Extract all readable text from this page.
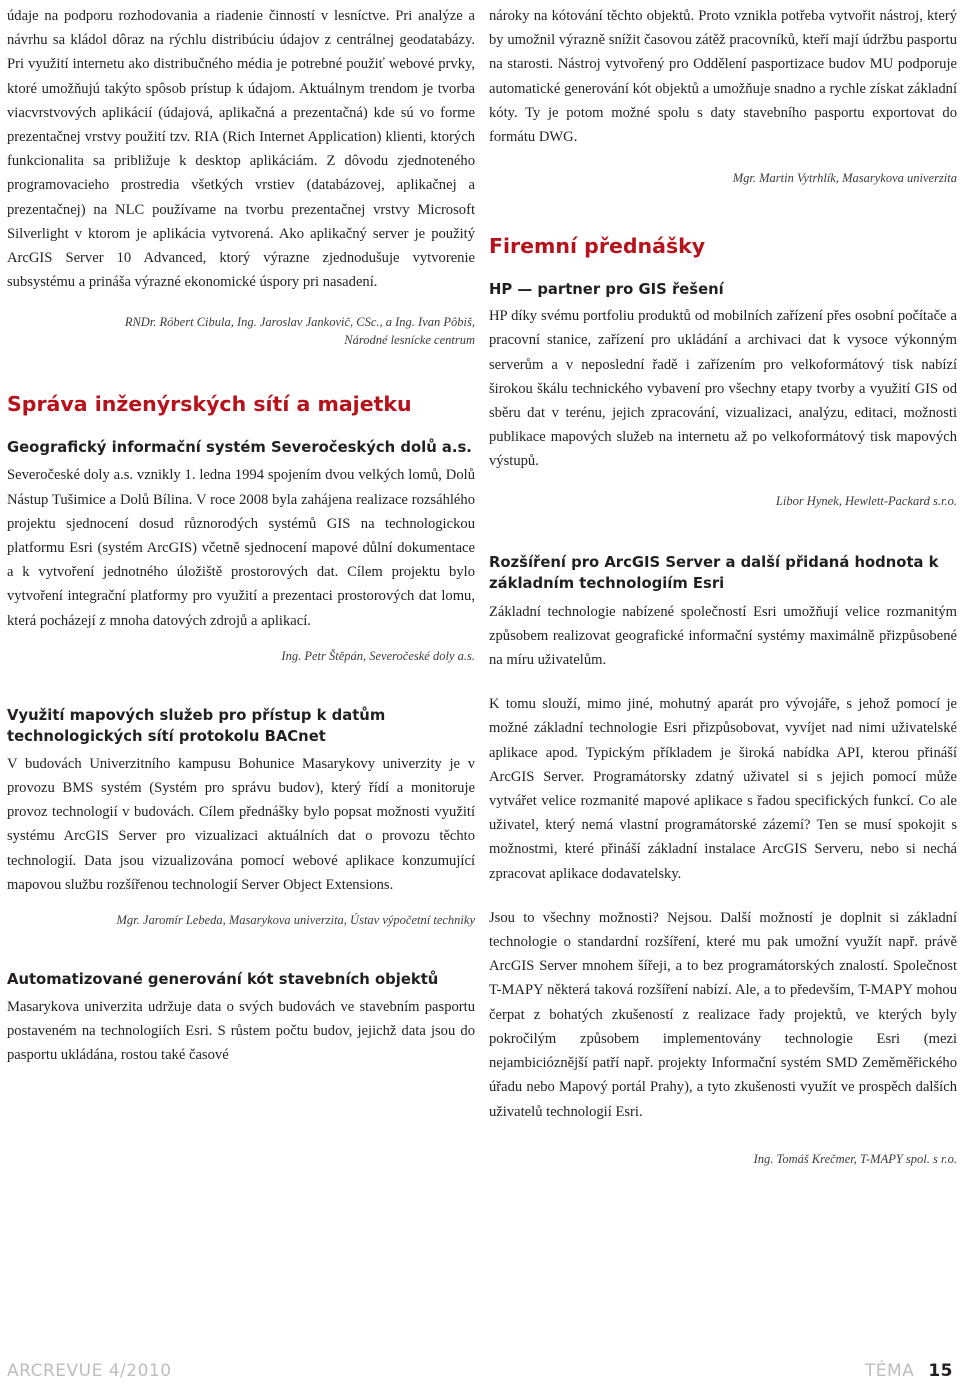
údaje na podporu rozhodovania a riadenie činností v lesníctve. Pri analýze a návrhu sa kládol dôraz na rýchlu distribúciu údajov z centrálnej geodatabázy. Pri využití internetu ako distribučného média je potrebné použiť webové prvky, ktoré umožňujú takýto spôsob prístup k údajom. Aktuálnym trendom je tvorba viacvrstvových aplikácií (údajová, aplikačná a prezentačná) kde sú vo forme prezentačnej vrstvy použití tzv. RIA (Rich Internet Application) klienti, ktorých funkcionalita sa približuje k desktop aplikáciám. Z dôvodu zjednoteného programovacieho prostredia všetkých vrstiev (databázovej, aplikačnej a prezentačnej) na NLC používame na tvorbu prezentačnej vrstvy Microsoft Silverlight v ktorom je aplikácia vytvorená. Ako aplikačný server je použitý ArcGIS Server 10 Advanced, ktorý výrazne zjednodušuje vytvorenie subsystému a prináša výrazné ekonomické úspory pri nasadení.

RNDr. Róbert Cibula, Ing. Jaroslav Jankovič, CSc., a Ing. Ivan Pôbiš,

Národné lesnícke centrum

Správa inženýrských sítí a majetku
Geografický informační systém Severočeských dolů a.s.

Severočeské doly a.s. vznikly 1. ledna 1994 spojením dvou velkých lomů, Dolů Nástup Tušimice a Dolů Bílina. V roce 2008 byla zahájena realizace rozsáhlého projektu sjednocení dosud různorodých systémů GIS na technologickou platformu Esri (systém ArcGIS) včetně sjednocení mapové důlní dokumentace a k vytvoření jednotného úložiště prostorových dat. Cílem projektu bylo vytvoření integrační platformy pro využití a prezentaci prostorových dat lomu, která pocházejí z mnoha datových zdrojů a aplikací.

Ing. Petr Štěpán, Severočeské doly a.s.

Využití mapových služeb pro přístup k datům technologických sítí protokolu BACnet

V budovách Univerzitního kampusu Bohunice Masarykovy univerzity je v provozu BMS systém (Systém pro správu budov), který řídí a monitoruje provoz technologií v budovách. Cílem přednášky bylo popsat možnosti využití systému ArcGIS Server pro vizualizaci aktuálních dat o provozu těchto technologií. Data jsou vizualizována pomocí webové aplikace konzumující mapovou službu rozšířenou technologií Server Object Extensions.

Mgr. Jaromír Lebeda, Masarykova univerzita, Ústav výpočetní techniky

Automatizované generování kót stavebních objektů

Masarykova univerzita udržuje data o svých budovách ve stavebním pasportu postaveném na technologiích Esri. S růstem počtu budov, jejichž data jsou do pasportu ukládána, rostou také časové

nároky na kótování těchto objektů. Proto vznikla potřeba vytvořit nástroj, který by umožnil výrazně snížit časovou zátěž pracovníků, kteří mají údržbu pasportu na starosti. Nástroj vytvořený pro Oddělení pasportizace budov MU podporuje automatické generování kót objektů a umožňuje snadno a rychle získat základní kóty. Ty je potom možné spolu s daty stavebního pasportu exportovat do formátu DWG.

Mgr. Martin Vytrhlík, Masarykova univerzita

Firemní přednášky
HP — partner pro GIS řešení

HP díky svému portfoliu produktů od mobilních zařízení přes osobní počítače a pracovní stanice, zařízení pro ukládání a archivaci dat k vysoce výkonným serverům a v neposlední řadě i zařízením pro velkoformátový tisk nabízí širokou škálu technického vybavení pro všechny etapy tvorby a využití GIS od sběru dat v terénu, jejich zpracování, vizualizaci, analýzu, editaci, možnosti publikace mapových služeb na internetu až po velkoformátový tisk mapových výstupů.

Libor Hynek, Hewlett-Packard s.r.o.

Rozšíření pro ArcGIS Server a další přidaná hodnota k základním technologiím Esri

Základní technologie nabízené společností Esri umožňují velice rozmanitým způsobem realizovat geografické informační systémy maximálně přizpůsobené na míru uživatelům.

K tomu slouží, mimo jiné, mohutný aparát pro vývojáře, s jehož pomocí je možné základní technologie Esri přizpůsobovat, vyvíjet nad nimi uživatelské aplikace apod. Typickým příkladem je široká nabídka API, kterou přináší ArcGIS Server. Programátorsky zdatný uživatel si s jejich pomocí může vytvářet velice rozmanité mapové aplikace s řadou specifických funkcí. Co ale uživatel, který nemá vlastní programátorské zázemí? Ten se musí spokojit s možnostmi, které přináší základní instalace ArcGIS Serveru, nebo si nechá zpracovat aplikace dodavatelsky.

Jsou to všechny možnosti? Nejsou. Další možností je doplnit si základní technologie o standardní rozšíření, které mu pak umožní využít např. právě ArcGIS Server mnohem šířeji, a to bez programátorských znalostí. Společnost T-MAPY některá taková rozšíření nabízí. Ale, a to především, T-MAPY mohou čerpat z bohatých zkušeností z realizace řady projektů, ve kterých byly pokročilým způsobem implementovány technologie Esri (mezi nejambicióznější patří např. projekty Informační systém SMD Zeměměřického úřadu nebo Mapový portál Prahy), a tyto zkušenosti využít ve prospěch dalších uživatelů technologií Esri.

Ing. Tomáš Krečmer, T-MAPY spol. s r.o.

ARCREVUE 4/2010	TÉMA 15
